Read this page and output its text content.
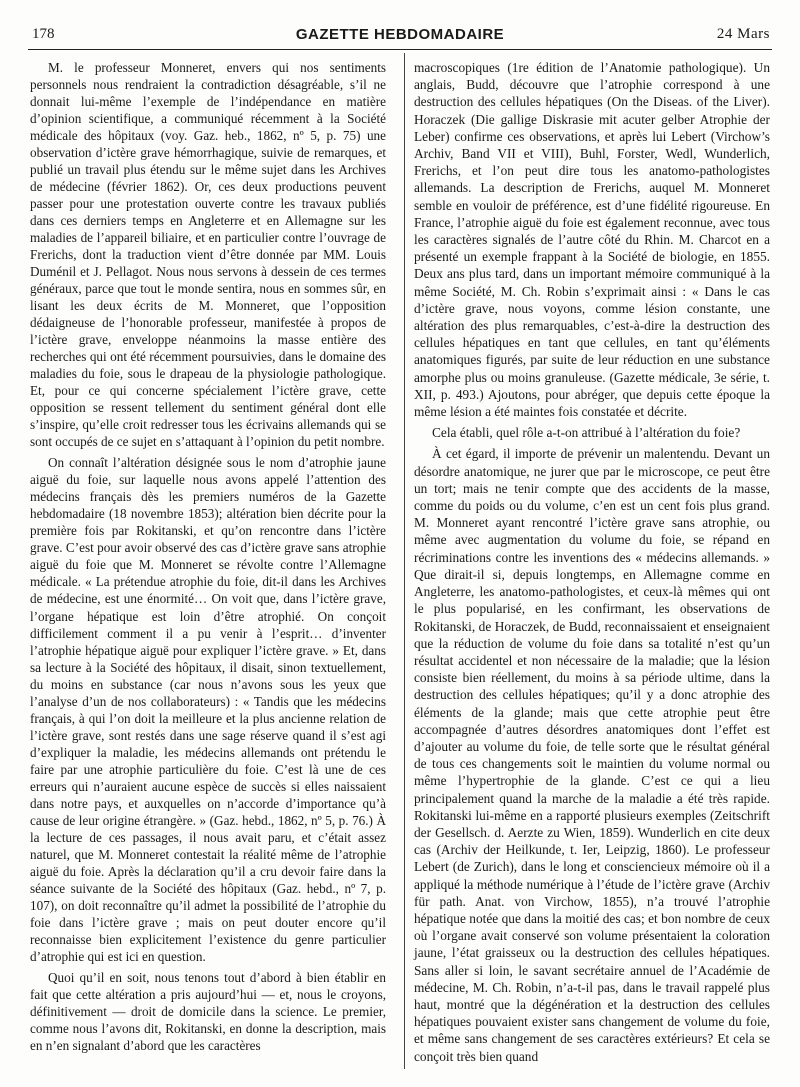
178	GAZETTE HEBDOMADAIRE	24 Mars

M. le professeur Monneret, envers qui nos sentiments personnels nous rendraient la contradiction désagréable, s’il ne donnait lui-même l’exemple de l’indépendance en matière d’opinion scientifique, a communiqué récemment à la Société médicale des hôpitaux (voy. Gaz. heb., 1862, nº 5, p. 75) une observation d’ictère grave hémorrhagique, suivie de remarques, et publié un travail plus étendu sur le même sujet dans les Archives de médecine (février 1862). Or, ces deux productions peuvent passer pour une protestation ouverte contre les travaux publiés dans ces derniers temps en Angleterre et en Allemagne sur les maladies de l’appareil biliaire, et en particulier contre l’ouvrage de Frerichs, dont la traduction vient d’être donnée par MM. Louis Duménil et J. Pellagot. Nous nous servons à dessein de ces termes généraux, parce que tout le monde sentira, nous en sommes sûr, en lisant les deux écrits de M. Monneret, que l’opposition dédaigneuse de l’honorable professeur, manifestée à propos de l’ictère grave, enveloppe néanmoins la masse entière des recherches qui ont été récemment poursuivies, dans le domaine des maladies du foie, sous le drapeau de la physiologie pathologique. Et, pour ce qui concerne spécialement l’ictère grave, cette opposition se ressent tellement du sentiment général dont elle s’inspire, qu’elle croit redresser tous les écrivains allemands qui se sont occupés de ce sujet en s’attaquant à l’opinion du petit nombre.

On connaît l’altération désignée sous le nom d’atrophie jaune aiguë du foie, sur laquelle nous avons appelé l’attention des médecins français dès les premiers numéros de la Gazette hebdomadaire (18 novembre 1853); altération bien décrite pour la première fois par Rokitanski, et qu’on rencontre dans l’ictère grave. C’est pour avoir observé des cas d’ictère grave sans atrophie aiguë du foie que M. Monneret se révolte contre l’Allemagne médicale. « La prétendue atrophie du foie, dit-il dans les Archives de médecine, est une énormité… On voit que, dans l’ictère grave, l’organe hépatique est loin d’être atrophié. On conçoit difficilement comment il a pu venir à l’esprit… d’inventer l’atrophie hépatique aiguë pour expliquer l’ictère grave. » Et, dans sa lecture à la Société des hôpitaux, il disait, sinon textuellement, du moins en substance (car nous n’avons sous les yeux que l’analyse d’un de nos collaborateurs) : « Tandis que les médecins français, à qui l’on doit la meilleure et la plus ancienne relation de l’ictère grave, sont restés dans une sage réserve quand il s’est agi d’expliquer la maladie, les médecins allemands ont prétendu le faire par une atrophie particulière du foie. C’est là une de ces erreurs qui n’auraient aucune espèce de succès si elles naissaient dans notre pays, et auxquelles on n’accorde d’importance qu’à cause de leur origine étrangère. » (Gaz. hebd., 1862, nº 5, p. 76.) À la lecture de ces passages, il nous avait paru, et c’était assez naturel, que M. Monneret contestait la réalité même de l’atrophie aiguë du foie. Après la déclaration qu’il a cru devoir faire dans la séance suivante de la Société des hôpitaux (Gaz. hebd., nº 7, p. 107), on doit reconnaître qu’il admet la possibilité de l’atrophie du foie dans l’ictère grave ; mais on peut douter encore qu’il reconnaisse bien explicitement l’existence du genre particulier d’atrophie qui est ici en question.

Quoi qu’il en soit, nous tenons tout d’abord à bien établir en fait que cette altération a pris aujourd’hui — et, nous le croyons, définitivement — droit de domicile dans la science. Le premier, comme nous l’avons dit, Rokitanski, en donne la description, mais en n’en signalant d’abord que les caractères

macroscopiques (1re édition de l’Anatomie pathologique). Un anglais, Budd, découvre que l’atrophie correspond à une destruction des cellules hépatiques (On the Diseas. of the Liver). Horaczek (Die gallige Diskrasie mit acuter gelber Atrophie der Leber) confirme ces observations, et après lui Lebert (Virchow’s Archiv, Band VII et VIII), Buhl, Forster, Wedl, Wunderlich, Frerichs, et l’on peut dire tous les anatomo-pathologistes allemands. La description de Frerichs, auquel M. Monneret semble en vouloir de préférence, est d’une fidélité rigoureuse. En France, l’atrophie aiguë du foie est également reconnue, avec tous les caractères signalés de l’autre côté du Rhin. M. Charcot en a présenté un exemple frappant à la Société de biologie, en 1855. Deux ans plus tard, dans un important mémoire communiqué à la même Société, M. Ch. Robin s’exprimait ainsi : « Dans le cas d’ictère grave, nous voyons, comme lésion constante, une altération des plus remarquables, c’est-à-dire la destruction des cellules hépatiques en tant que cellules, en tant qu’éléments anatomiques figurés, par suite de leur réduction en une substance amorphe plus ou moins granuleuse. (Gazette médicale, 3e série, t. XII, p. 493.) Ajoutons, pour abréger, que depuis cette époque la même lésion a été maintes fois constatée et décrite.

Cela établi, quel rôle a-t-on attribué à l’altération du foie?

À cet égard, il importe de prévenir un malentendu. Devant un désordre anatomique, ne jurer que par le microscope, ce peut être un tort; mais ne tenir compte que des accidents de la masse, comme du poids ou du volume, c’en est un cent fois plus grand. M. Monneret ayant rencontré l’ictère grave sans atrophie, ou même avec augmentation du volume du foie, se répand en récriminations contre les inventions des « médecins allemands. » Que dirait-il si, depuis longtemps, en Allemagne comme en Angleterre, les anatomo-pathologistes, et ceux-là mêmes qui ont le plus popularisé, en les confirmant, les observations de Rokitanski, de Horaczek, de Budd, reconnaissaient et enseignaient que la réduction de volume du foie dans sa totalité n’est qu’un résultat accidentel et non nécessaire de la maladie; que la lésion consiste bien réellement, du moins à sa période ultime, dans la destruction des cellules hépatiques; qu’il y a donc atrophie des éléments de la glande; mais que cette atrophie peut être accompagnée d’autres désordres anatomiques dont l’effet est d’ajouter au volume du foie, de telle sorte que le résultat général de tous ces changements soit le maintien du volume normal ou même l’hypertrophie de la glande. C’est ce qui a lieu principalement quand la marche de la maladie a été très rapide. Rokitanski lui-même en a rapporté plusieurs exemples (Zeitschrift der Gesellsch. d. Aerzte zu Wien, 1859). Wunderlich en cite deux cas (Archiv der Heilkunde, t. Ier, Leipzig, 1860). Le professeur Lebert (de Zurich), dans le long et consciencieux mémoire où il a appliqué la méthode numérique à l’étude de l’ictère grave (Archiv für path. Anat. von Virchow, 1855), n’a trouvé l’atrophie hépatique notée que dans la moitié des cas; et bon nombre de ceux où l’organe avait conservé son volume présentaient la coloration jaune, l’état graisseux ou la destruction des cellules hépatiques. Sans aller si loin, le savant secrétaire annuel de l’Académie de médecine, M. Ch. Robin, n’a-t-il pas, dans le travail rappelé plus haut, montré que la dégénération et la destruction des cellules hépatiques pouvaient exister sans changement de volume du foie, et même sans changement de ses caractères extérieurs? Et cela se conçoit très bien quand
